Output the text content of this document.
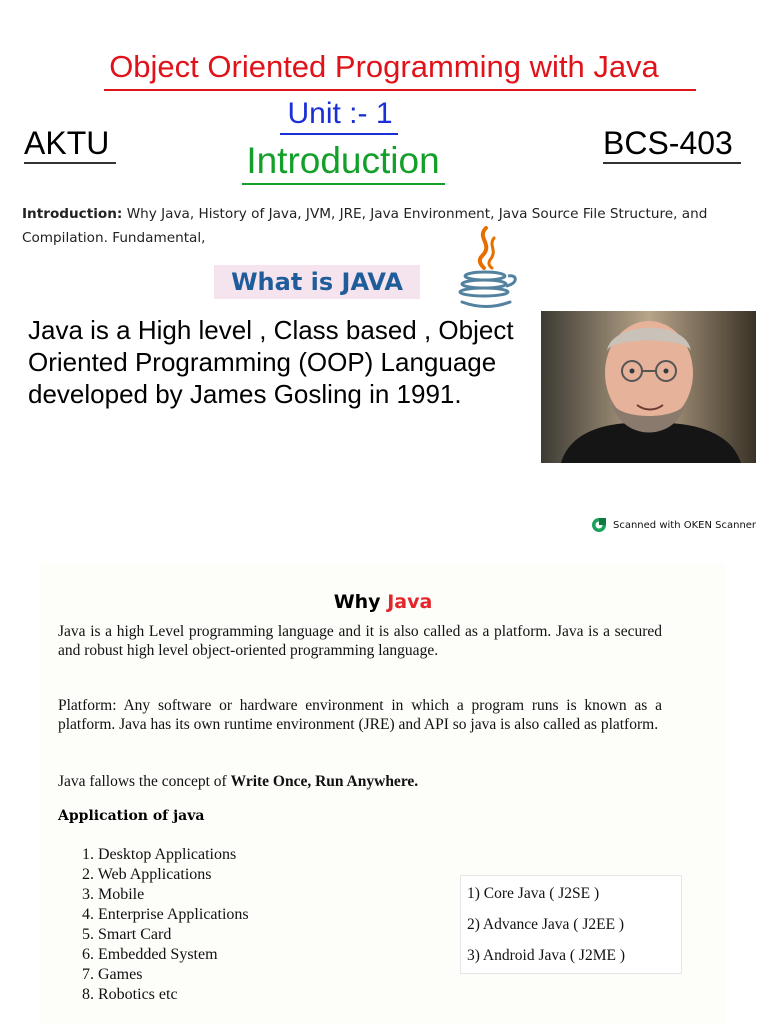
Object Oriented Programming with Java
Unit :- 1
AKTU	BCS-403
Introduction
Introduction: Why Java, History of Java, JVM, JRE, Java Environment, Java Source File Structure, and Compilation. Fundamental,
What is JAVA
Java is a High level , Class based , Object Oriented Programming (OOP) Language developed by James Gosling in 1991.
Scanned with OKEN Scanner
Why Java
Java is a high Level programming language and it is also called as a platform. Java is a secured and robust high level object-oriented programming language.
Platform: Any software or hardware environment in which a program runs is known as a platform. Java has its own runtime environment (JRE) and API so java is also called as platform.
Java fallows the concept of Write Once, Run Anywhere.
Application of java
1. Desktop Applications
2. Web Applications
3. Mobile
4. Enterprise Applications
5. Smart Card
6. Embedded System
7. Games
8. Robotics etc
1) Core Java ( J2SE )
2) Advance Java ( J2EE )
3) Android Java ( J2ME )
